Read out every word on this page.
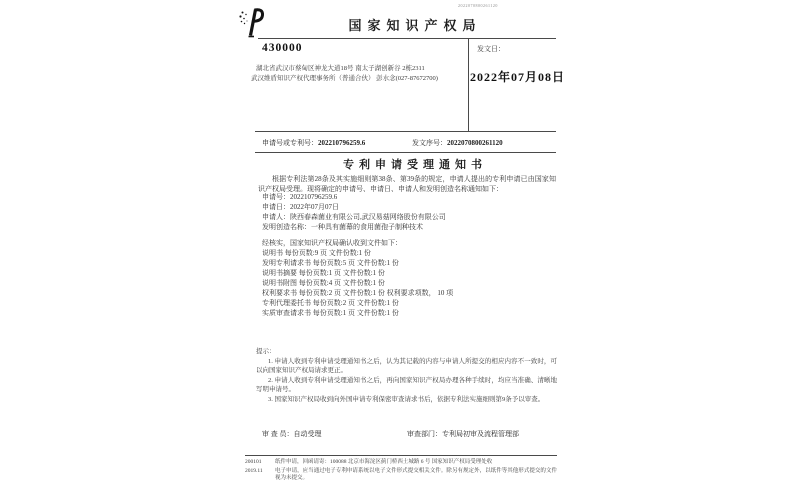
2022070800261120
国家知识产权局
430000
湖北省武汉市蔡甸区神龙大道18号 南太子湖创新谷 2栋2311
武汉维盾知识产权代理事务所（普通合伙） 彭水念(027-87672700)
发文日：
2022年07月08日
申请号或专利号：202210796259.6	发文序号：2022070800261120
专利申请受理通知书
根据专利法第28条及其实施细则第38条、第39条的规定，申请人提出的专利申请已由国家知识产权局受理。现将确定的申请号、申请日、申请人和发明创造名称通知如下：
申请号：202210796259.6
申请日：2022年07月07日
申请人：陕西春森菌业有限公司,武汉易菇网络股份有限公司
发明创造名称：一种具有菌幕的食用菌孢子制种技术
经核实，国家知识产权局确认收到文件如下：
说明书 每份页数:9 页 文件份数:1 份
发明专利请求书 每份页数:5 页 文件份数:1 份
说明书摘要 每份页数:1 页 文件份数:1 份
说明书附图 每份页数:4 页 文件份数:1 份
权利要求书 每份页数:2 页 文件份数:1 份 权利要求项数， 10 项
专利代理委托书 每份页数:2 页 文件份数:1 份
实质审查请求书 每份页数:1 页 文件份数:1 份

提示：

1. 申请人收到专利申请受理通知书之后，认为其记载的内容与申请人所提交的相应内容不一致时，可以向国家知识产权局请求更正。

2. 申请人收到专利申请受理通知书之后，再向国家知识产权局办理各种手续时，均应当准确、清晰地写明申请号。

3. 国家知识产权局收到向外国申请专利保密审查请求书后，依据专利法实施细则第9条予以审查。

审 查 员：自动受理	审查部门：专利局初审及流程管理部
200101	纸件申请，回函请寄：100088 北京市海淀区蓟门桥西土城路 6 号 国家知识产权局受理处收
2019.11	电子申请，应当通过电子专利申请系统以电子文件形式提交相关文件。除另有规定外，以纸件等其他形式提交的文件视为未提交。
